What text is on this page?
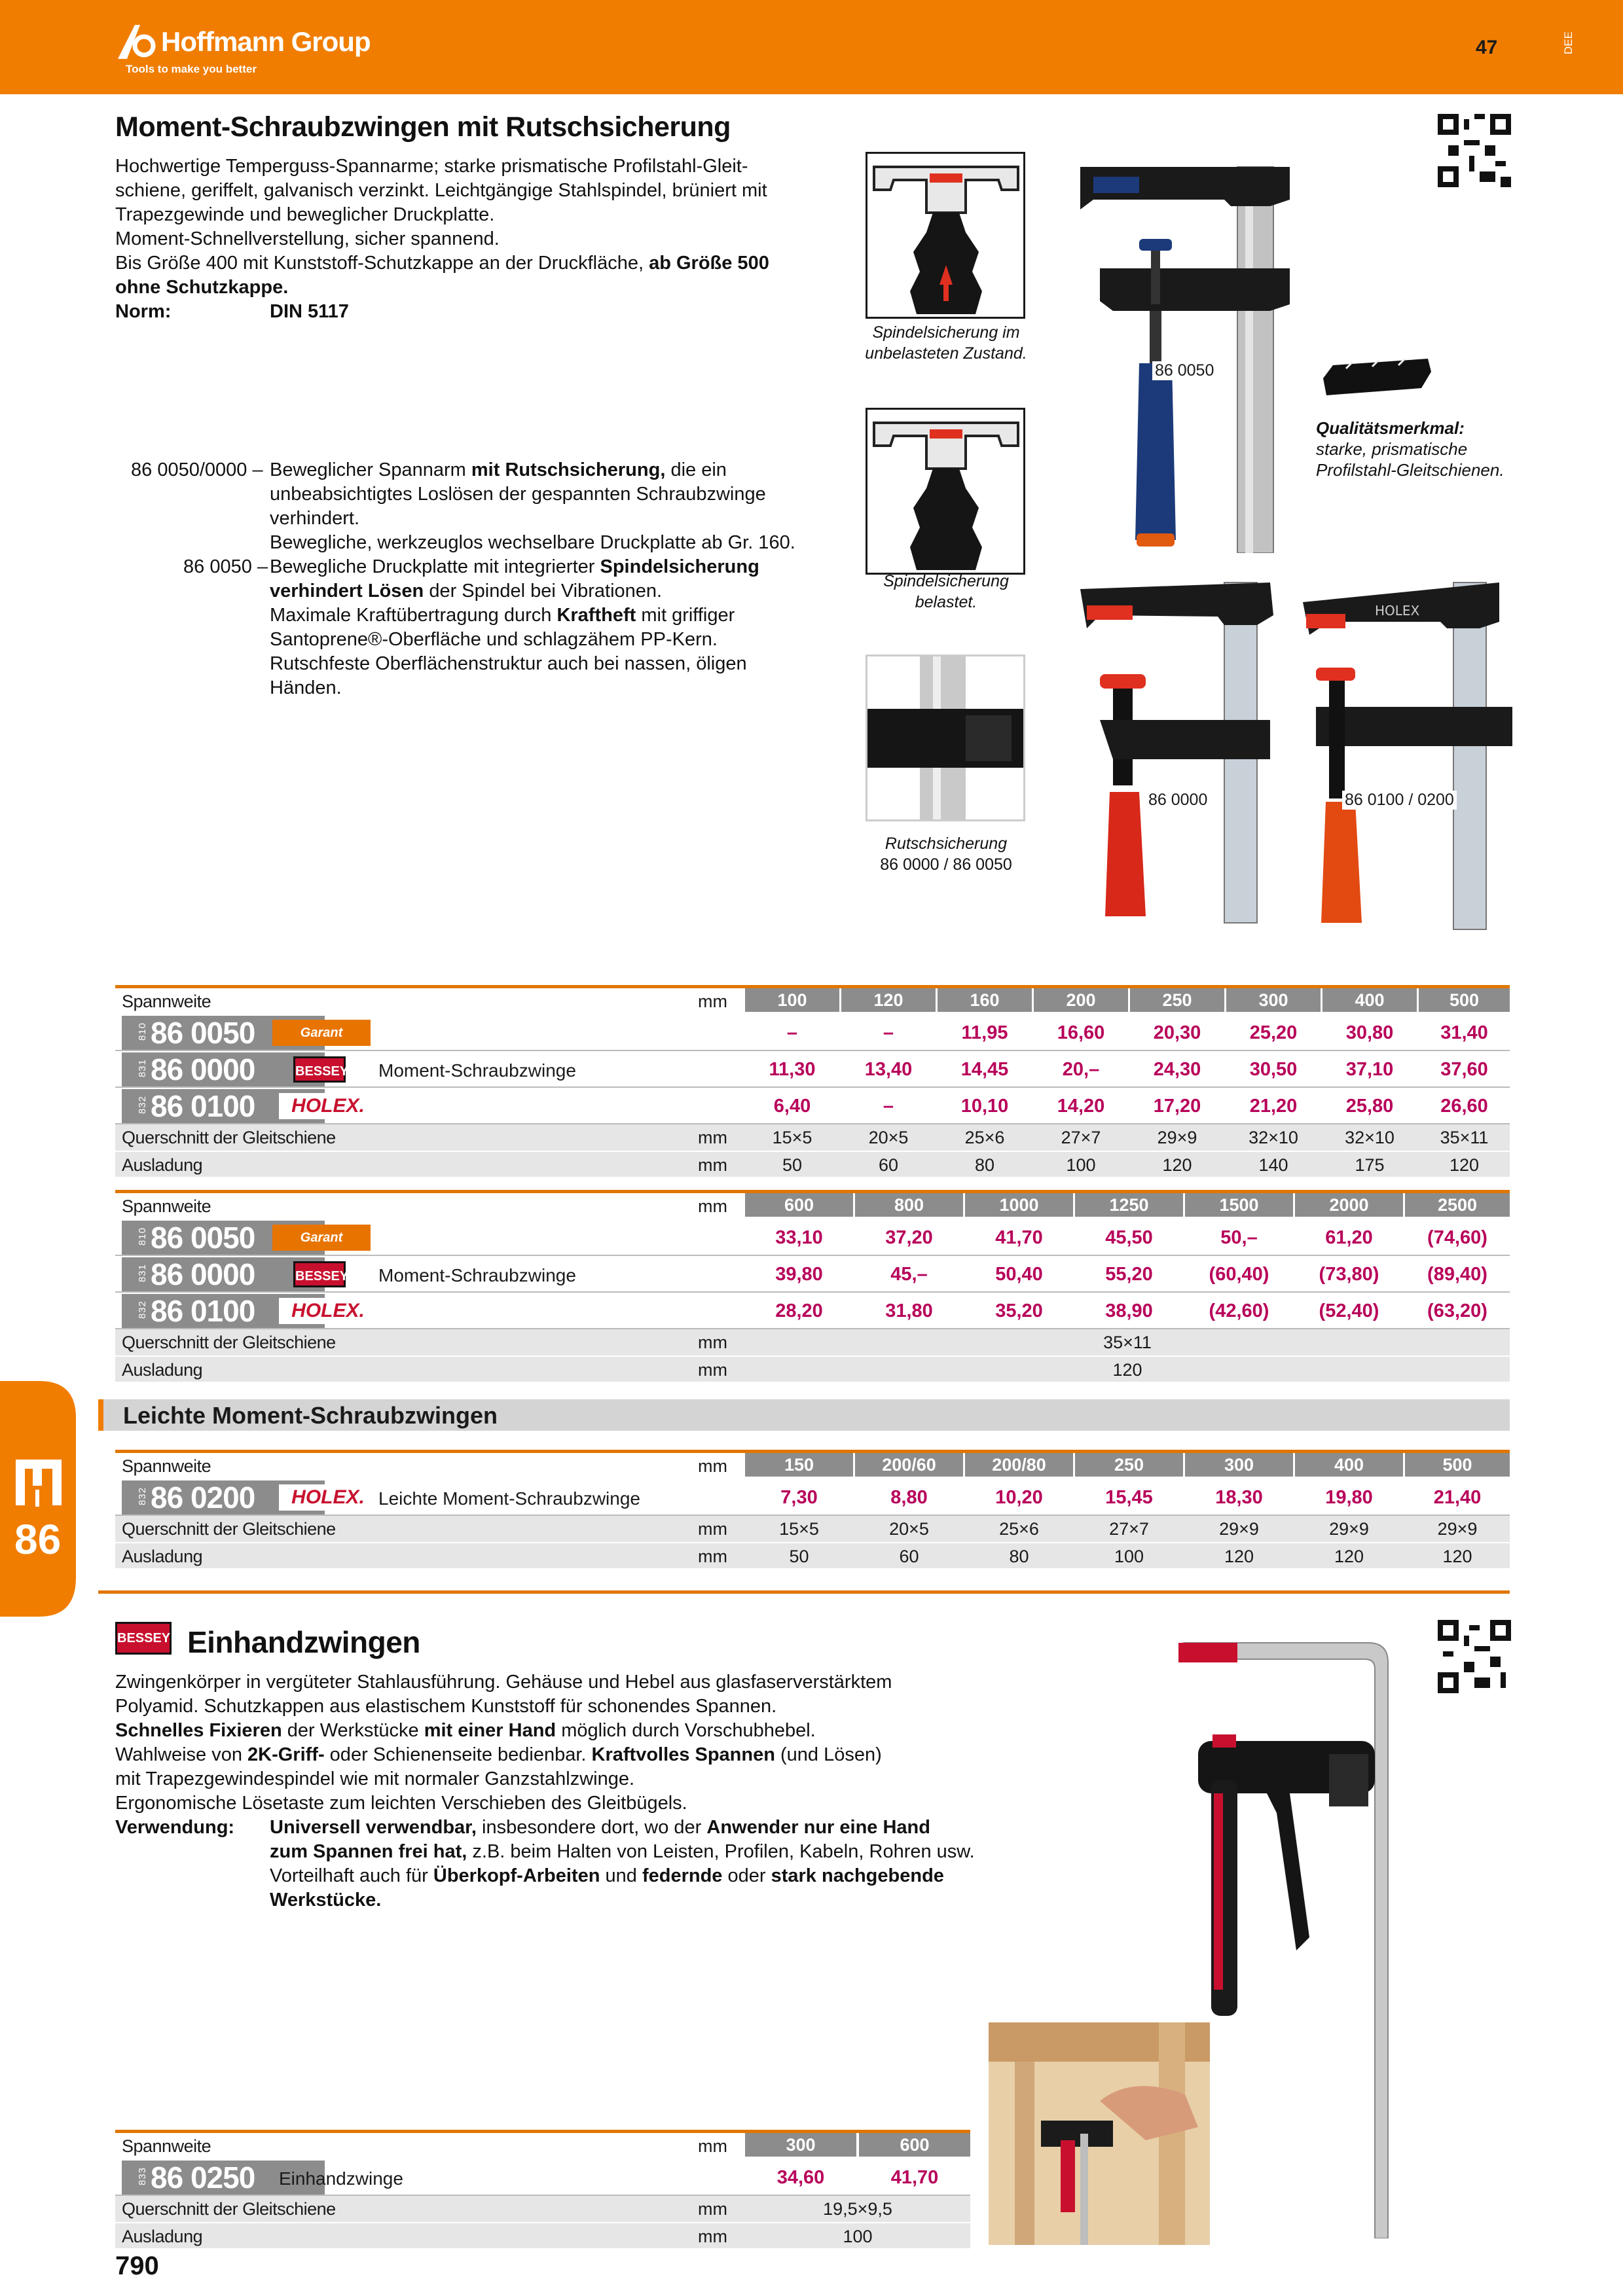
Hoffmann Group
Tools to make you better
47	DEE
Moment-Schraubzwingen mit Rutschsicherung
Hochwertige Temperguss-Spannarme; starke prismatische Profilstahl-Gleit-
schiene, geriffelt, galvanisch verzinkt. Leichtgängige Stahlspindel, brüniert mit
Trapezgewinde und beweglicher Druckplatte.
Moment-Schnellverstellung, sicher spannend.
Bis Größe 400 mit Kunststoff-Schutzkappe an der Druckfläche, ab Größe 500
ohne Schutzkappe.
Norm:	DIN 5117
86 0050/0000 – Beweglicher Spannarm mit Rutschsicherung, die ein
unbeabsichtigtes Loslösen der gespannten Schraubzwinge
verhindert.
Bewegliche, werkzeuglos wechselbare Druckplatte ab Gr. 160.
86 0050 – Bewegliche Druckplatte mit integrierter Spindelsicherung
verhindert Lösen der Spindel bei Vibrationen.
Maximale Kraftübertragung durch Kraftheft mit griffiger
Santoprene®-Oberfläche und schlagzähem PP-Kern.
Rutschfeste Oberflächenstruktur auch bei nassen, öligen
Händen.
Spindelsicherung im
unbelasteten Zustand.
Spindelsicherung
belastet.
Rutschsicherung
86 0000 / 86 0050
86 0050
Qualitätsmerkmal:
starke, prismatische
Profilstahl-Gleitschienen.
86 0000
HOLEX
86 0100 / 0200
Spannweite	mm	100	120	160	200	250	300	400	500
810 86 0050	Garant	–	–	11,95	16,60	20,30	25,20	30,80	31,40
831 86 0000	BESSEY Moment-Schraubzwinge	11,30	13,40	14,45	20,–	24,30	30,50	37,10	37,60
832 86 0100	HOLEX.	6,40	–	10,10	14,20	17,20	21,20	25,80	26,60
Querschnitt der Gleitschiene	mm	15×5	20×5	25×6	27×7	29×9	32×10	32×10	35×11
Ausladung	mm	50	60	80	100	120	140	175	120
Spannweite	mm	600	800	1000	1250	1500	2000	2500
810 86 0050	Garant	33,10	37,20	41,70	45,50	50,–	61,20	(74,60)
831 86 0000	BESSEY Moment-Schraubzwinge	39,80	45,–	50,40	55,20	(60,40)	(73,80)	(89,40)
832 86 0100	HOLEX.	28,20	31,80	35,20	38,90	(42,60)	(52,40)	(63,20)
Querschnitt der Gleitschiene	mm	35×11
Ausladung	mm	120
Leichte Moment-Schraubzwingen
Spannweite	mm	150	200/60	200/80	250	300	400	500
832 86 0200	HOLEX. Leichte Moment-Schraubzwinge	7,30	8,80	10,20	15,45	18,30	19,80	21,40
Querschnitt der Gleitschiene	mm	15×5	20×5	25×6	27×7	29×9	29×9	29×9
Ausladung	mm	50	60	80	100	120	120	120
86
BESSEY Einhandzwingen
Zwingenkörper in vergüteter Stahlausführung. Gehäuse und Hebel aus glasfaserverstärktem
Polyamid. Schutzkappen aus elastischem Kunststoff für schonendes Spannen.
Schnelles Fixieren der Werkstücke mit einer Hand möglich durch Vorschubhebel.
Wahlweise von 2K-Griff- oder Schienenseite bedienbar. Kraftvolles Spannen (und Lösen)
mit Trapezgewindespindel wie mit normaler Ganzstahlzwinge.
Ergonomische Lösetaste zum leichten Verschieben des Gleitbügels.
Verwendung: Universell verwendbar, insbesondere dort, wo der Anwender nur eine Hand
zum Spannen frei hat, z.B. beim Halten von Leisten, Profilen, Kabeln, Rohren usw.
Vorteilhaft auch für Überkopf-Arbeiten und federnde oder stark nachgebende
Werkstücke.
Spannweite	mm	300	600
833 86 0250	Einhandzwinge	34,60	41,70
Querschnitt der Gleitschiene	mm	19,5×9,5
Ausladung	mm	100
790
